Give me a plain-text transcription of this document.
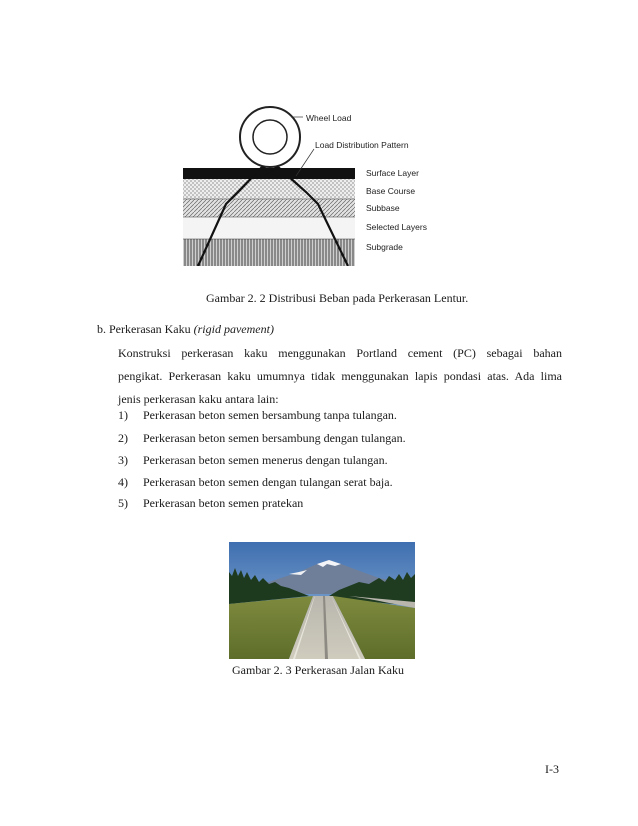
Wheel Load
Load Distribution Pattern
Surface Layer
Base Course
Subbase
Selected Layers
Subgrade
Gambar 2. 2 Distribusi Beban pada Perkerasan Lentur.
b. Perkerasan Kaku (rigid pavement)
Konstruksi perkerasan kaku menggunakan Portland cement (PC) sebagai bahan
pengikat. Perkerasan kaku umumnya tidak menggunakan lapis pondasi atas. Ada lima
jenis perkerasan kaku antara lain:
1) Perkerasan beton semen bersambung tanpa tulangan.
2) Perkerasan beton semen bersambung dengan tulangan.
3) Perkerasan beton semen menerus dengan tulangan.
4) Perkerasan beton semen dengan tulangan serat baja.
5) Perkerasan beton semen pratekan
Gambar 2. 3 Perkerasan Jalan Kaku
I-3
